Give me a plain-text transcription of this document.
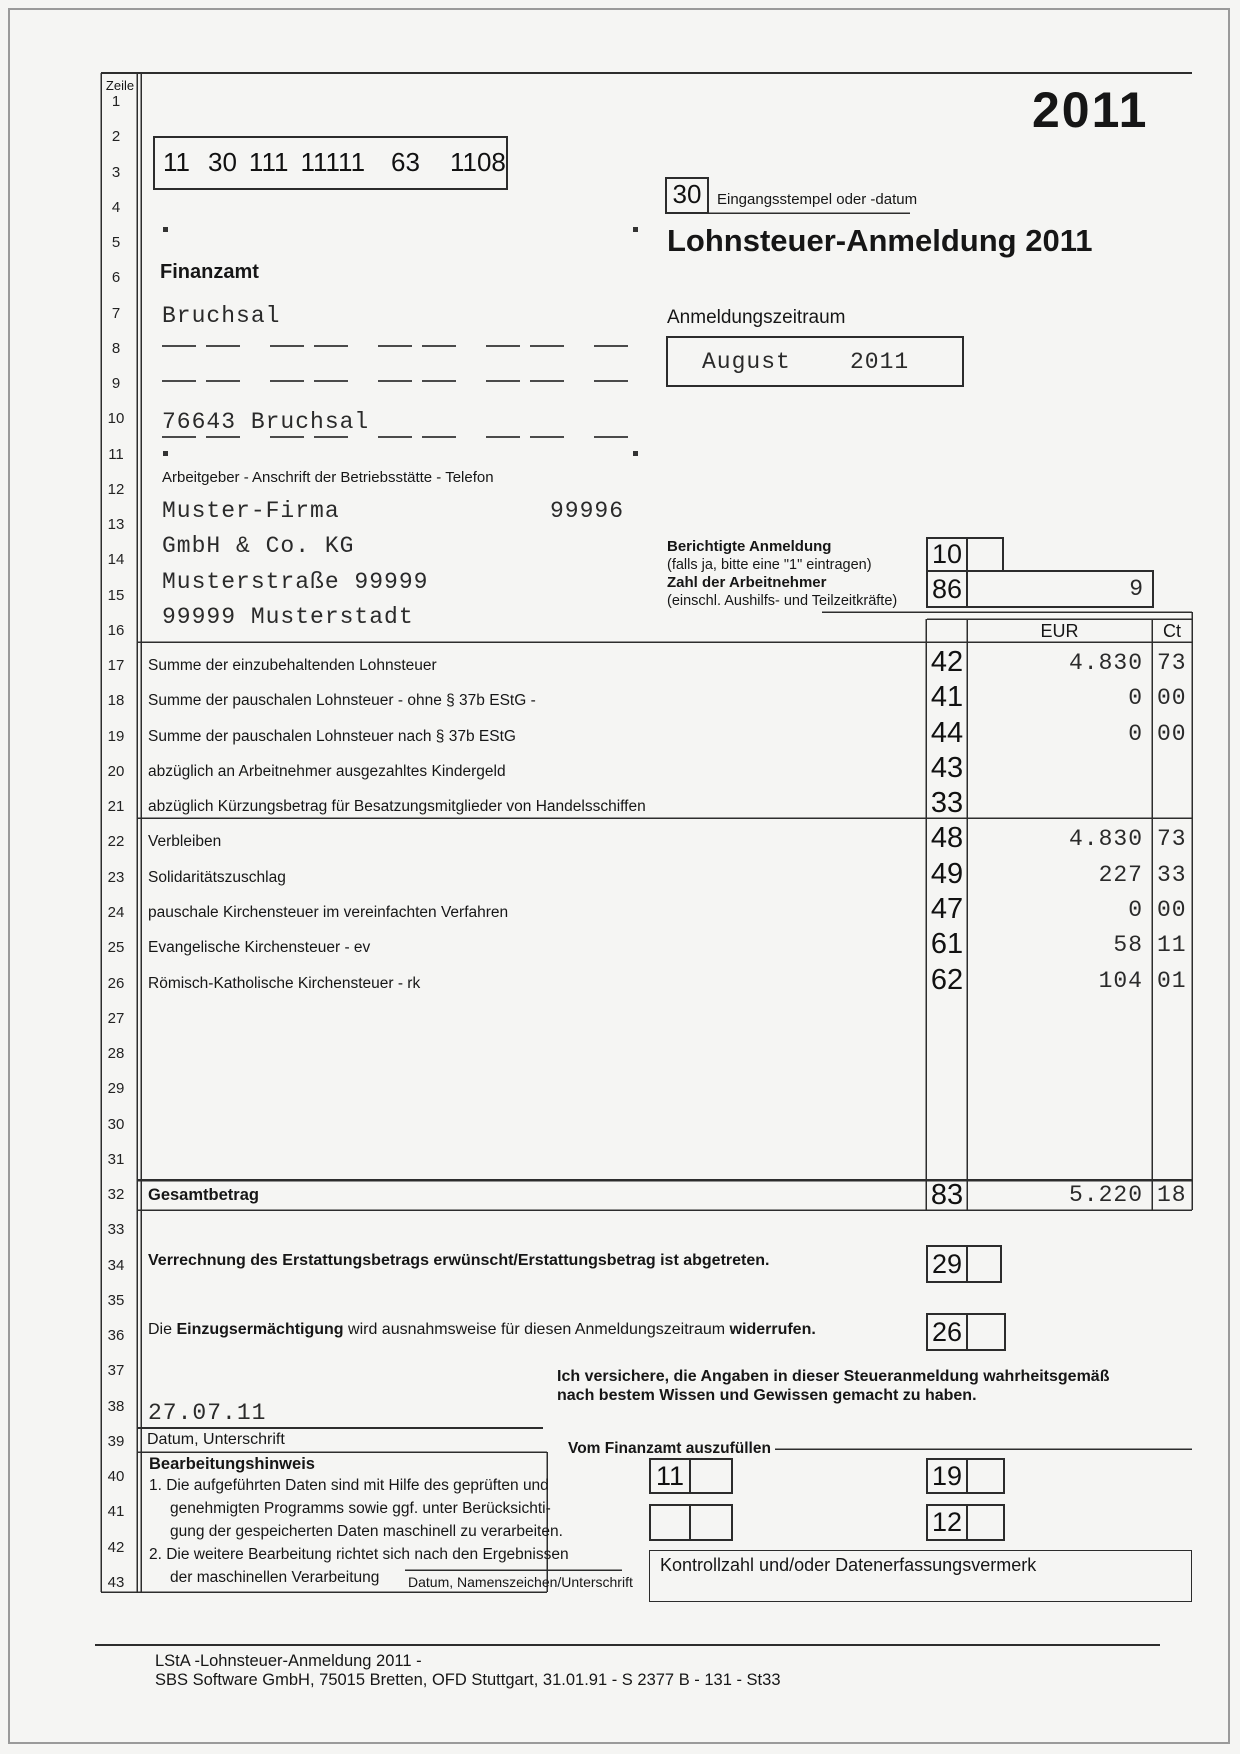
Zeile
1
2
3
4
5
6
7
8
9
10
11
12
13
14
15
16
17
18
19
20
21
22
23
24
25
26
27
28
29
30
31
32
33
34
35
36
37
38
39
40
41
42
43
2011
11 30 111 11111 63 1108
30	Eingangsstempel oder -datum
Lohnsteuer-Anmeldung 2011
Finanzamt
Bruchsal
76643 Bruchsal
Anmeldungszeitraum
August	2011
Arbeitgeber - Anschrift der Betriebsstätte - Telefon
Muster-Firma	99996
GmbH & Co. KG
Musterstraße 99999
99999 Musterstadt
Berichtigte Anmeldung
(falls ja, bitte eine "1" eintragen)
Zahl der Arbeitnehmer
(einschl. Aushilfs- und Teilzeitkräfte)
10
86	9
EUR	Ct
Summe der einzubehaltenden Lohnsteuer	42	4.830 73
Summe der pauschalen Lohnsteuer - ohne § 37b EStG -	41	0 00
Summe der pauschalen Lohnsteuer nach § 37b EStG	44	0 00
abzüglich an Arbeitnehmer ausgezahltes Kindergeld	43
abzüglich Kürzungsbetrag für Besatzungsmitglieder von Handelsschiffen	33
Verbleiben	48	4.830 73
Solidaritätszuschlag	49	227 33
pauschale Kirchensteuer im vereinfachten Verfahren	47	0 00
Evangelische Kirchensteuer - ev	61	58 11
Römisch-Katholische Kirchensteuer - rk	62	104 01
Gesamtbetrag	83	5.220 18
Verrechnung des Erstattungsbetrags erwünscht/Erstattungsbetrag ist abgetreten.	29
Die Einzugsermächtigung wird ausnahmsweise für diesen Anmeldungszeitraum widerrufen.	26
Ich versichere, die Angaben in dieser Steueranmeldung wahrheitsgemäß
nach bestem Wissen und Gewissen gemacht zu haben.
27.07.11
Datum, Unterschrift
Vom Finanzamt auszufüllen
11	19
12
Kontrollzahl und/oder Datenerfassungsvermerk
Bearbeitungshinweis
1. Die aufgeführten Daten sind mit Hilfe des geprüften und
genehmigten Programms sowie ggf. unter Berücksichti-
gung der gespeicherten Daten maschinell zu verarbeiten.
2. Die weitere Bearbeitung richtet sich nach den Ergebnissen
der maschinellen Verarbeitung Datum, Namenszeichen/Unterschrift
LStA -Lohnsteuer-Anmeldung 2011 -
SBS Software GmbH, 75015 Bretten, OFD Stuttgart, 31.01.91 - S 2377 B - 131 - St33
